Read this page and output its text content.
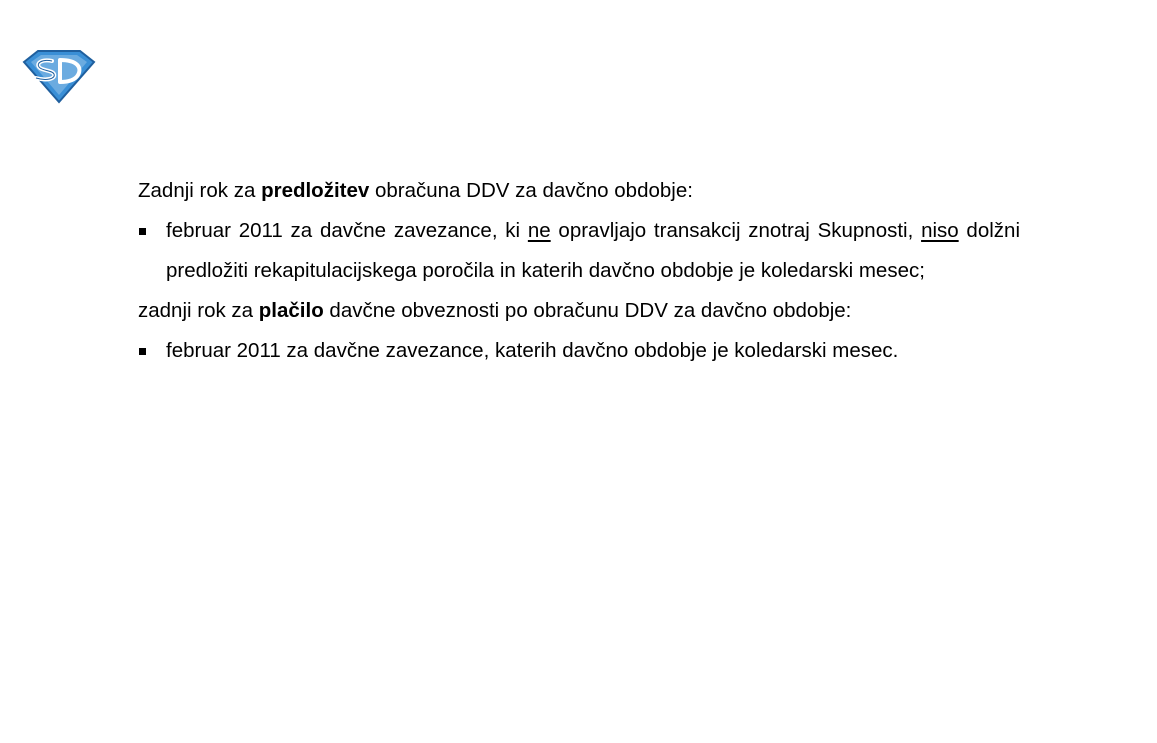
Zadnji rok za predložitev obračuna DDV za davčno obdobje:

februar 2011 za davčne zavezance, ki ne opravljajo transakcij znotraj Skupnosti, niso dolžni predložiti rekapitulacijskega poročila in katerih davčno obdobje je koledarski mesec;

zadnji rok za plačilo davčne obveznosti po obračunu DDV za davčno obdobje:

februar 2011 za davčne zavezance, katerih davčno obdobje je koledarski mesec.
